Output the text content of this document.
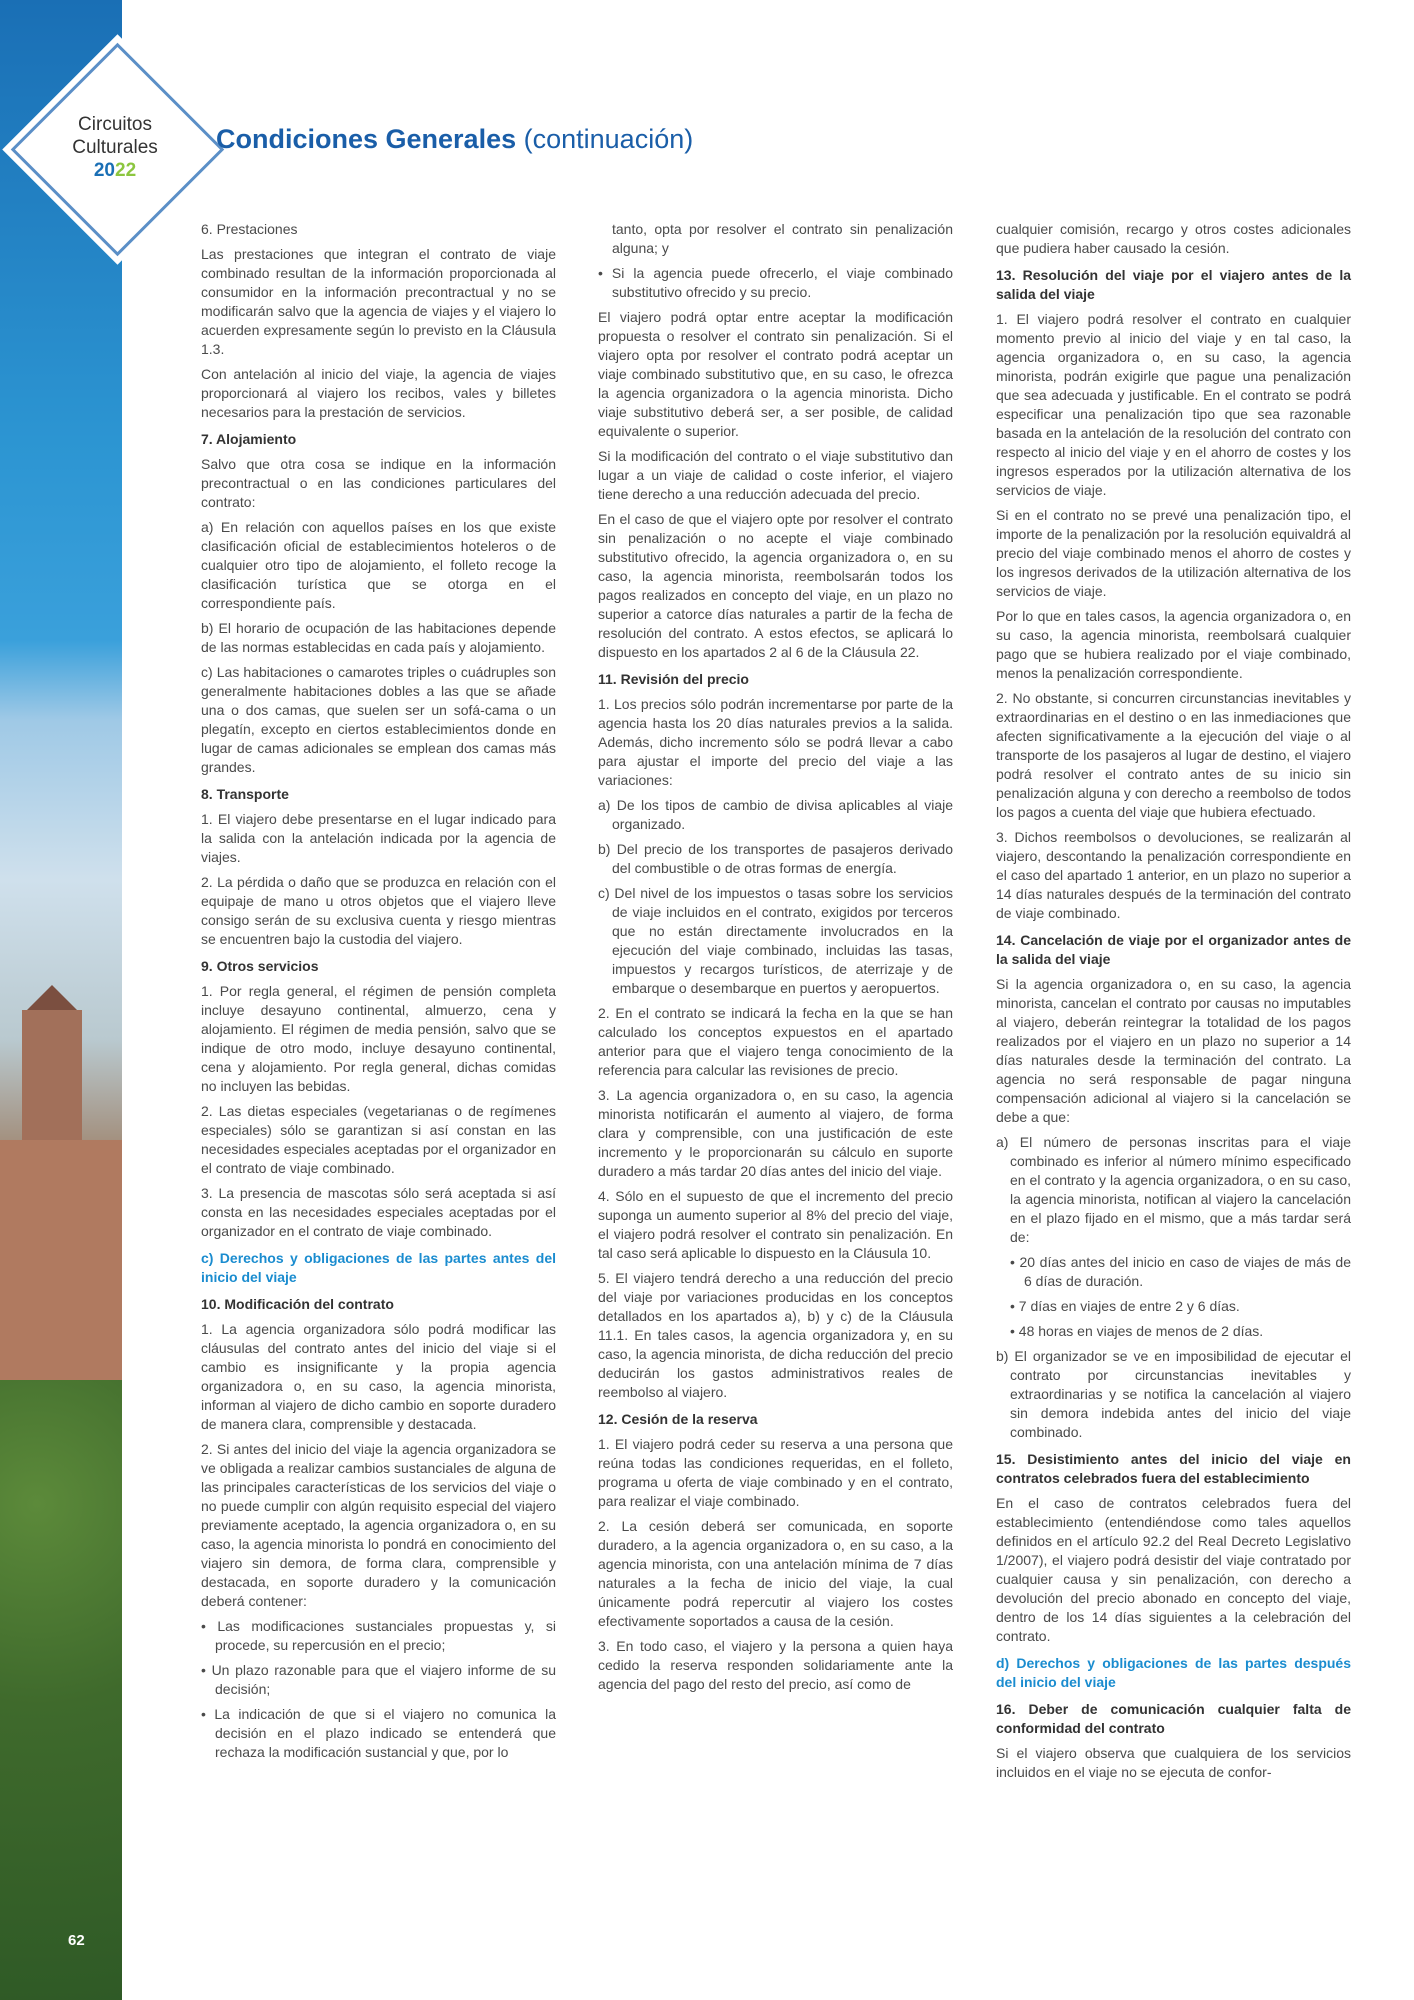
Circuitos
Culturales
2022
Condiciones Generales (continuación)

6. Prestaciones

Las prestaciones que integran el contrato de viaje combinado resultan de la información proporcionada al consumidor en la información precontractual y no se modificarán salvo que la agencia de viajes y el viajero lo acuerden expresamente según lo previsto en la Cláusula 1.3.

Con antelación al inicio del viaje, la agencia de viajes proporcionará al viajero los recibos, vales y billetes necesarios para la prestación de servicios.

7. Alojamiento

Salvo que otra cosa se indique en la información precontractual o en las condiciones particulares del contrato:

a) En relación con aquellos países en los que existe clasificación oficial de establecimientos hoteleros o de cualquier otro tipo de alojamiento, el folleto recoge la clasificación turística que se otorga en el correspondiente país.

b) El horario de ocupación de las habitaciones depende de las normas establecidas en cada país y alojamiento.

c) Las habitaciones o camarotes triples o cuádruples son generalmente habitaciones dobles a las que se añade una o dos camas, que suelen ser un sofá-cama o un plegatín, excepto en ciertos establecimientos donde en lugar de camas adicionales se emplean dos camas más grandes.

8. Transporte

1. El viajero debe presentarse en el lugar indicado para la salida con la antelación indicada por la agencia de viajes.

2. La pérdida o daño que se produzca en relación con el equipaje de mano u otros objetos que el viajero lleve consigo serán de su exclusiva cuenta y riesgo mientras se encuentren bajo la custodia del viajero.

9. Otros servicios

1. Por regla general, el régimen de pensión completa incluye desayuno continental, almuerzo, cena y alojamiento. El régimen de media pensión, salvo que se indique de otro modo, incluye desayuno continental, cena y alojamiento. Por regla general, dichas comidas no incluyen las bebidas.

2. Las dietas especiales (vegetarianas o de regímenes especiales) sólo se garantizan si así constan en las necesidades especiales aceptadas por el organizador en el contrato de viaje combinado.

3. La presencia de mascotas sólo será aceptada si así consta en las necesidades especiales aceptadas por el organizador en el contrato de viaje combinado.

c) Derechos y obligaciones de las partes antes del inicio del viaje

10. Modificación del contrato

1. La agencia organizadora sólo podrá modificar las cláusulas del contrato antes del inicio del viaje si el cambio es insignificante y la propia agencia organizadora o, en su caso, la agencia minorista, informan al viajero de dicho cambio en soporte duradero de manera clara, comprensible y destacada.

2. Si antes del inicio del viaje la agencia organizadora se ve obligada a realizar cambios sustanciales de alguna de las principales características de los servicios del viaje o no puede cumplir con algún requisito especial del viajero previamente aceptado, la agencia organizadora o, en su caso, la agencia minorista lo pondrá en conocimiento del viajero sin demora, de forma clara, comprensible y destacada, en soporte duradero y la comunicación deberá contener:

• Las modificaciones sustanciales propuestas y, si procede, su repercusión en el precio;

• Un plazo razonable para que el viajero informe de su decisión;

• La indicación de que si el viajero no comunica la decisión en el plazo indicado se entenderá que rechaza la modificación sustancial y que, por lo

tanto, opta por resolver el contrato sin penalización alguna; y

• Si la agencia puede ofrecerlo, el viaje combinado substitutivo ofrecido y su precio.

El viajero podrá optar entre aceptar la modificación propuesta o resolver el contrato sin penalización. Si el viajero opta por resolver el contrato podrá aceptar un viaje combinado substitutivo que, en su caso, le ofrezca la agencia organizadora o la agencia minorista. Dicho viaje substitutivo deberá ser, a ser posible, de calidad equivalente o superior.

Si la modificación del contrato o el viaje substitutivo dan lugar a un viaje de calidad o coste inferior, el viajero tiene derecho a una reducción adecuada del precio.

En el caso de que el viajero opte por resolver el contrato sin penalización o no acepte el viaje combinado substitutivo ofrecido, la agencia organizadora o, en su caso, la agencia minorista, reembolsarán todos los pagos realizados en concepto del viaje, en un plazo no superior a catorce días naturales a partir de la fecha de resolución del contrato. A estos efectos, se aplicará lo dispuesto en los apartados 2 al 6 de la Cláusula 22.

11. Revisión del precio

1. Los precios sólo podrán incrementarse por parte de la agencia hasta los 20 días naturales previos a la salida. Además, dicho incremento sólo se podrá llevar a cabo para ajustar el importe del precio del viaje a las variaciones:

a) De los tipos de cambio de divisa aplicables al viaje organizado.

b) Del precio de los transportes de pasajeros derivado del combustible o de otras formas de energía.

c) Del nivel de los impuestos o tasas sobre los servicios de viaje incluidos en el contrato, exigidos por terceros que no están directamente involucrados en la ejecución del viaje combinado, incluidas las tasas, impuestos y recargos turísticos, de aterrizaje y de embarque o desembarque en puertos y aeropuertos.

2. En el contrato se indicará la fecha en la que se han calculado los conceptos expuestos en el apartado anterior para que el viajero tenga conocimiento de la referencia para calcular las revisiones de precio.

3. La agencia organizadora o, en su caso, la agencia minorista notificarán el aumento al viajero, de forma clara y comprensible, con una justificación de este incremento y le proporcionarán su cálculo en suporte duradero a más tardar 20 días antes del inicio del viaje.

4. Sólo en el supuesto de que el incremento del precio suponga un aumento superior al 8% del precio del viaje, el viajero podrá resolver el contrato sin penalización. En tal caso será aplicable lo dispuesto en la Cláusula 10.

5. El viajero tendrá derecho a una reducción del precio del viaje por variaciones producidas en los conceptos detallados en los apartados a), b) y c) de la Cláusula 11.1. En tales casos, la agencia organizadora y, en su caso, la agencia minorista, de dicha reducción del precio deducirán los gastos administrativos reales de reembolso al viajero.

12. Cesión de la reserva

1. El viajero podrá ceder su reserva a una persona que reúna todas las condiciones requeridas, en el folleto, programa u oferta de viaje combinado y en el contrato, para realizar el viaje combinado.

2. La cesión deberá ser comunicada, en soporte duradero, a la agencia organizadora o, en su caso, a la agencia minorista, con una antelación mínima de 7 días naturales a la fecha de inicio del viaje, la cual únicamente podrá repercutir al viajero los costes efectivamente soportados a causa de la cesión.

3. En todo caso, el viajero y la persona a quien haya cedido la reserva responden solidariamente ante la agencia del pago del resto del precio, así como de

cualquier comisión, recargo y otros costes adicionales que pudiera haber causado la cesión.

13. Resolución del viaje por el viajero antes de la salida del viaje

1. El viajero podrá resolver el contrato en cualquier momento previo al inicio del viaje y en tal caso, la agencia organizadora o, en su caso, la agencia minorista, podrán exigirle que pague una penalización que sea adecuada y justificable. En el contrato se podrá especificar una penalización tipo que sea razonable basada en la antelación de la resolución del contrato con respecto al inicio del viaje y en el ahorro de costes y los ingresos esperados por la utilización alternativa de los servicios de viaje.

Si en el contrato no se prevé una penalización tipo, el importe de la penalización por la resolución equivaldrá al precio del viaje combinado menos el ahorro de costes y los ingresos derivados de la utilización alternativa de los servicios de viaje.

Por lo que en tales casos, la agencia organizadora o, en su caso, la agencia minorista, reembolsará cualquier pago que se hubiera realizado por el viaje combinado, menos la penalización correspondiente.

2. No obstante, si concurren circunstancias inevitables y extraordinarias en el destino o en las inmediaciones que afecten significativamente a la ejecución del viaje o al transporte de los pasajeros al lugar de destino, el viajero podrá resolver el contrato antes de su inicio sin penalización alguna y con derecho a reembolso de todos los pagos a cuenta del viaje que hubiera efectuado.

3. Dichos reembolsos o devoluciones, se realizarán al viajero, descontando la penalización correspondiente en el caso del apartado 1 anterior, en un plazo no superior a 14 días naturales después de la terminación del contrato de viaje combinado.

14. Cancelación de viaje por el organizador antes de la salida del viaje

Si la agencia organizadora o, en su caso, la agencia minorista, cancelan el contrato por causas no imputables al viajero, deberán reintegrar la totalidad de los pagos realizados por el viajero en un plazo no superior a 14 días naturales desde la terminación del contrato. La agencia no será responsable de pagar ninguna compensación adicional al viajero si la cancelación se debe a que:

a) El número de personas inscritas para el viaje combinado es inferior al número mínimo especificado en el contrato y la agencia organizadora, o en su caso, la agencia minorista, notifican al viajero la cancelación en el plazo fijado en el mismo, que a más tardar será de:

• 20 días antes del inicio en caso de viajes de más de 6 días de duración.

• 7 días en viajes de entre 2 y 6 días.

• 48 horas en viajes de menos de 2 días.

b) El organizador se ve en imposibilidad de ejecutar el contrato por circunstancias inevitables y extraordinarias y se notifica la cancelación al viajero sin demora indebida antes del inicio del viaje combinado.

15. Desistimiento antes del inicio del viaje en contratos celebrados fuera del establecimiento

En el caso de contratos celebrados fuera del establecimiento (entendiéndose como tales aquellos definidos en el artículo 92.2 del Real Decreto Legislativo 1/2007), el viajero podrá desistir del viaje contratado por cualquier causa y sin penalización, con derecho a devolución del precio abonado en concepto del viaje, dentro de los 14 días siguientes a la celebración del contrato.

d) Derechos y obligaciones de las partes después del inicio del viaje

16. Deber de comunicación cualquier falta de conformidad del contrato

Si el viajero observa que cualquiera de los servicios incluidos en el viaje no se ejecuta de confor-

62
